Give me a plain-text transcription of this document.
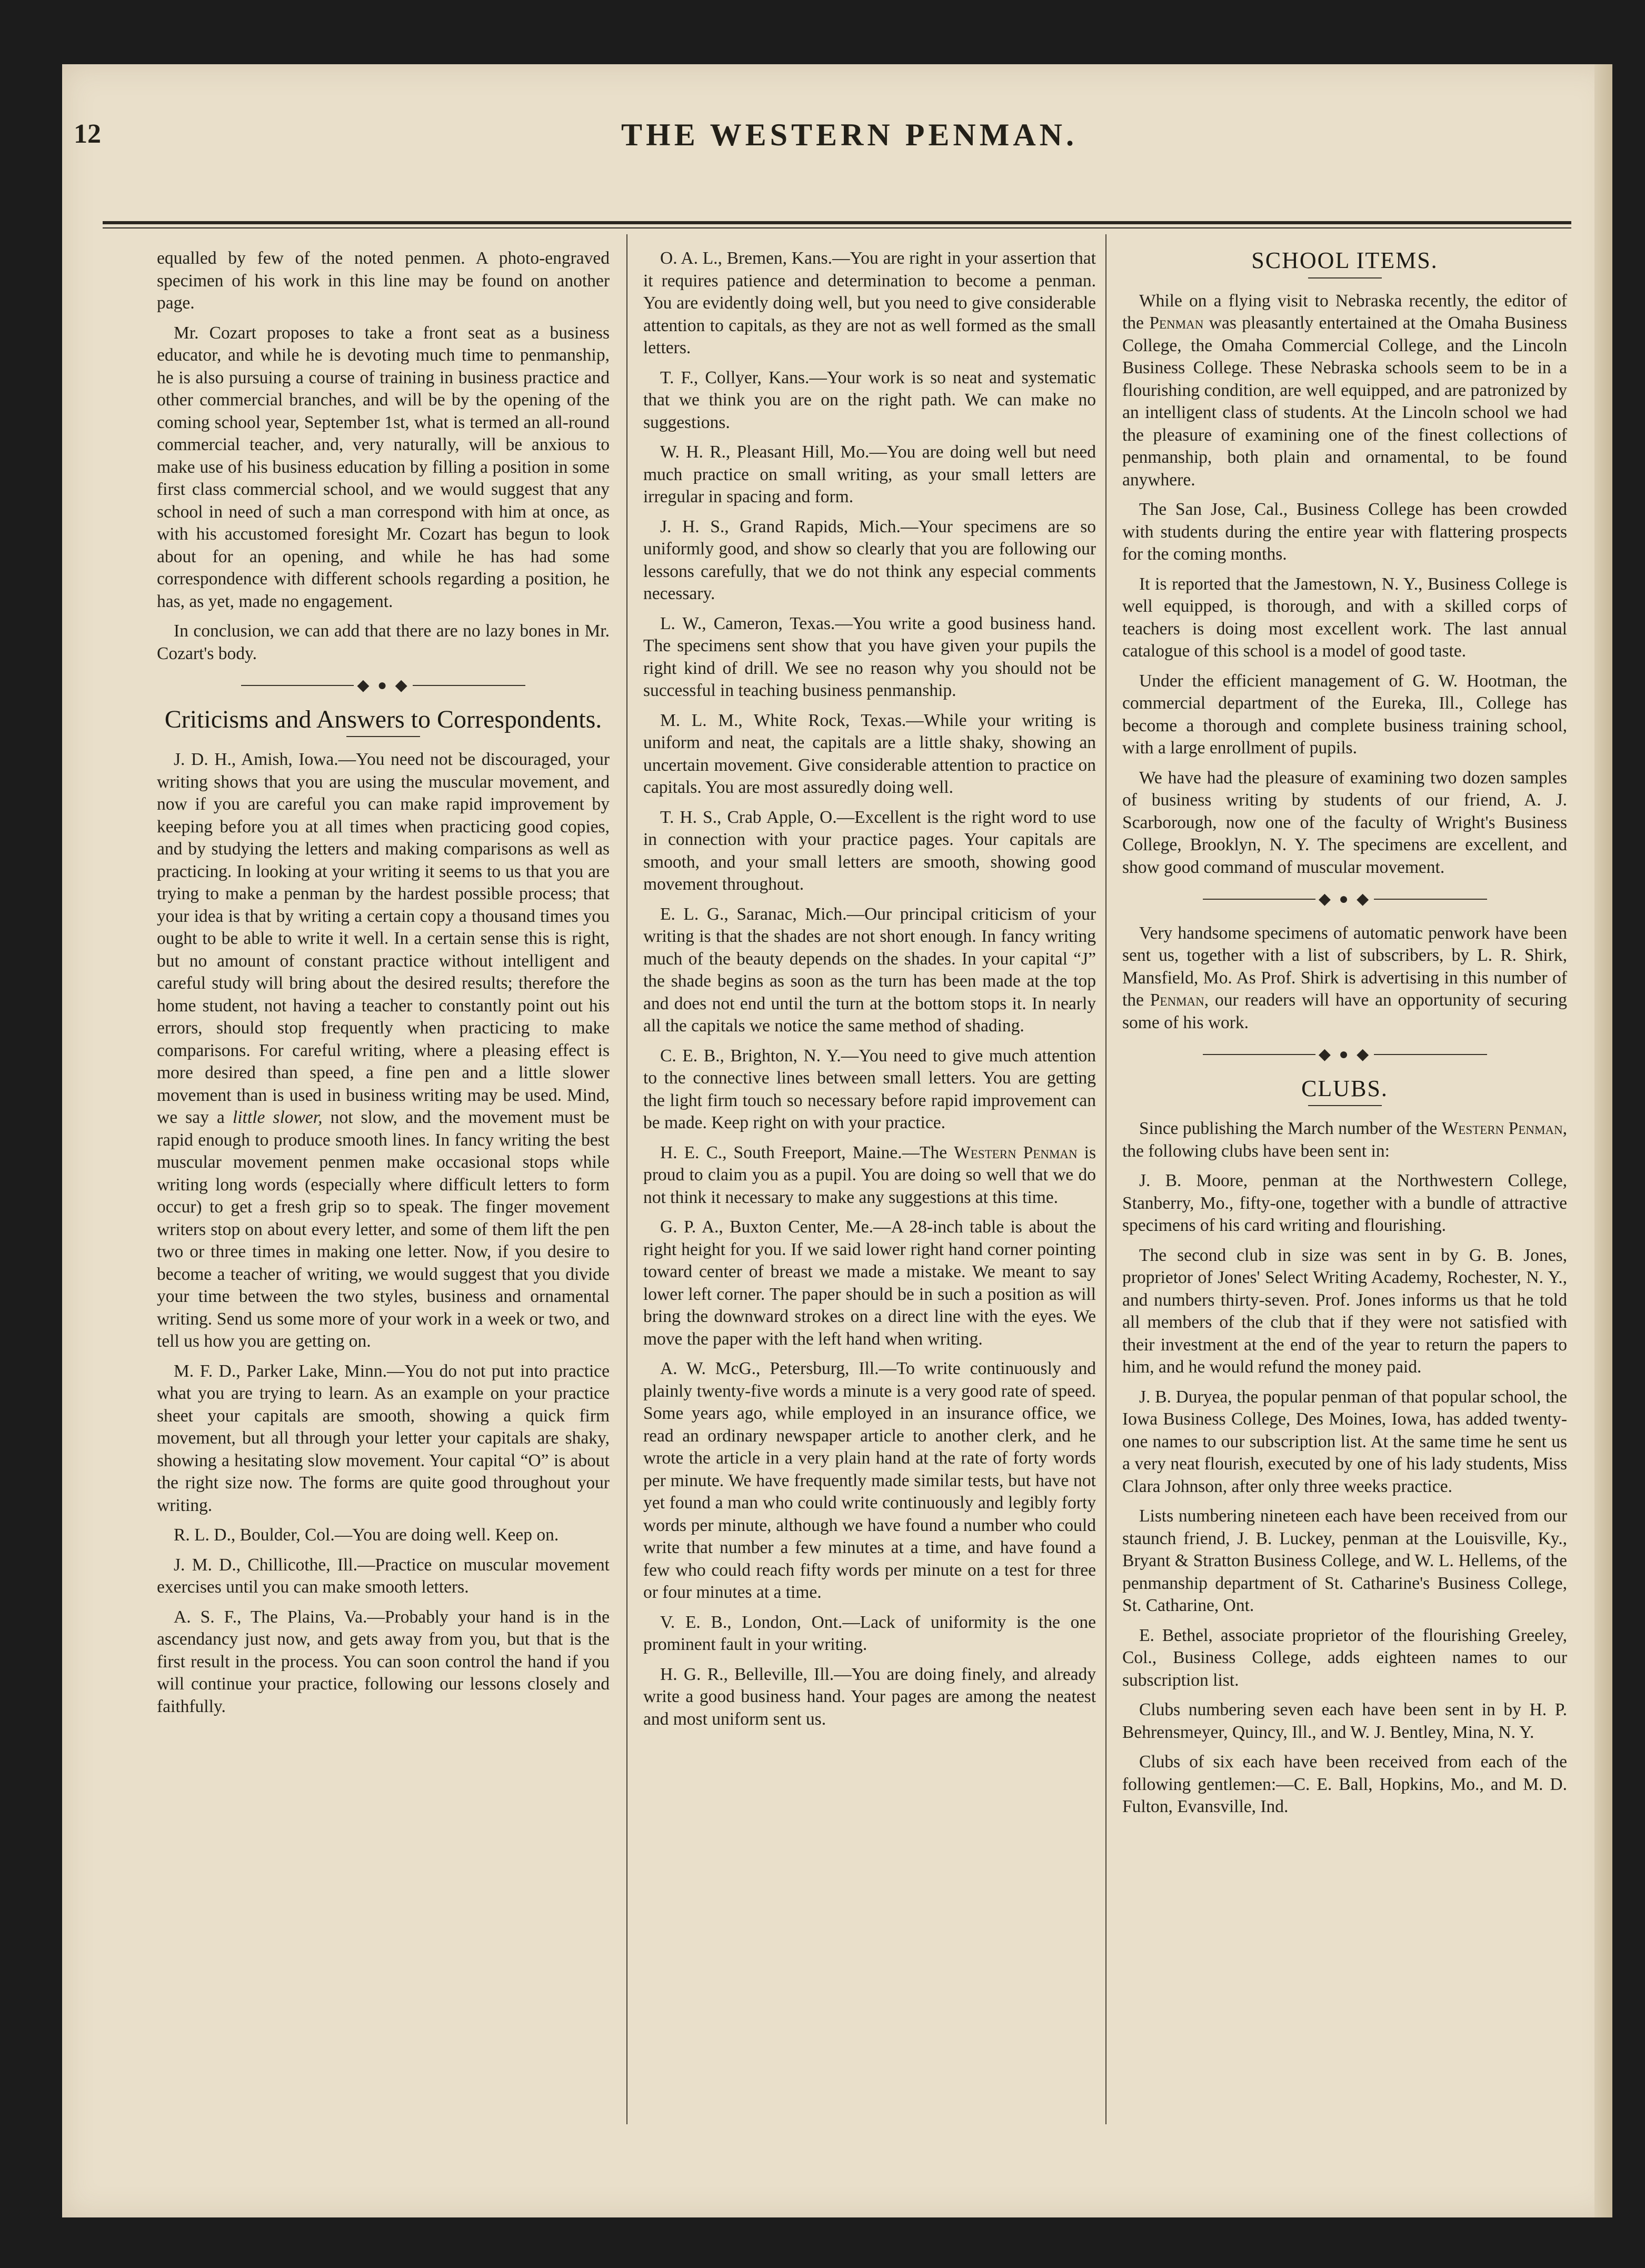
12	THE WESTERN PENMAN.

equalled by few of the noted penmen. A photo-engraved specimen of his work in this line may be found on another page.

Mr. Cozart proposes to take a front seat as a business educator, and while he is devoting much time to penmanship, he is also pursuing a course of training in business practice and other commercial branches, and will be by the opening of the coming school year, September 1st, what is termed an all-round commercial teacher, and, very naturally, will be anxious to make use of his business education by filling a position in some first class commercial school, and we would suggest that any school in need of such a man correspond with him at once, as with his accustomed foresight Mr. Cozart has begun to look about for an opening, and while he has had some correspondence with different schools regarding a position, he has, as yet, made no engagement.

In conclusion, we can add that there are no lazy bones in Mr. Cozart's body.

◆ ● ◆
Criticisms and Answers to Correspondents.

J. D. H., Amish, Iowa.—You need not be discouraged, your writing shows that you are using the muscular movement, and now if you are careful you can make rapid improvement by keeping before you at all times when practicing good copies, and by studying the letters and making comparisons as well as practicing. In looking at your writing it seems to us that you are trying to make a penman by the hardest possible process; that your idea is that by writing a certain copy a thousand times you ought to be able to write it well. In a certain sense this is right, but no amount of constant practice without intelligent and careful study will bring about the desired results; therefore the home student, not having a teacher to constantly point out his errors, should stop frequently when practicing to make comparisons. For careful writing, where a pleasing effect is more desired than speed, a fine pen and a little slower movement than is used in business writing may be used. Mind, we say a little slower, not slow, and the movement must be rapid enough to produce smooth lines. In fancy writing the best muscular movement penmen make occasional stops while writing long words (especially where difficult letters to form occur) to get a fresh grip so to speak. The finger movement writers stop on about every letter, and some of them lift the pen two or three times in making one letter. Now, if you desire to become a teacher of writing, we would suggest that you divide your time between the two styles, business and ornamental writing. Send us some more of your work in a week or two, and tell us how you are getting on.

M. F. D., Parker Lake, Minn.—You do not put into practice what you are trying to learn. As an example on your practice sheet your capitals are smooth, showing a quick firm movement, but all through your letter your capitals are shaky, showing a hesitating slow movement. Your capital “O” is about the right size now. The forms are quite good throughout your writing.

R. L. D., Boulder, Col.—You are doing well. Keep on.

J. M. D., Chillicothe, Ill.—Practice on muscular movement exercises until you can make smooth letters.

A. S. F., The Plains, Va.—Probably your hand is in the ascendancy just now, and gets away from you, but that is the first result in the process. You can soon control the hand if you will continue your practice, following our lessons closely and faithfully.

O. A. L., Bremen, Kans.—You are right in your assertion that it requires patience and determination to become a penman. You are evidently doing well, but you need to give considerable attention to capitals, as they are not as well formed as the small letters.

T. F., Collyer, Kans.—Your work is so neat and systematic that we think you are on the right path. We can make no suggestions.

W. H. R., Pleasant Hill, Mo.—You are doing well but need much practice on small writing, as your small letters are irregular in spacing and form.

J. H. S., Grand Rapids, Mich.—Your specimens are so uniformly good, and show so clearly that you are following our lessons carefully, that we do not think any especial comments necessary.

L. W., Cameron, Texas.—You write a good business hand. The specimens sent show that you have given your pupils the right kind of drill. We see no reason why you should not be successful in teaching business penmanship.

M. L. M., White Rock, Texas.—While your writing is uniform and neat, the capitals are a little shaky, showing an uncertain movement. Give considerable attention to practice on capitals. You are most assuredly doing well.

T. H. S., Crab Apple, O.—Excellent is the right word to use in connection with your practice pages. Your capitals are smooth, and your small letters are smooth, showing good movement throughout.

E. L. G., Saranac, Mich.—Our principal criticism of your writing is that the shades are not short enough. In fancy writing much of the beauty depends on the shades. In your capital “J” the shade begins as soon as the turn has been made at the top and does not end until the turn at the bottom stops it. In nearly all the capitals we notice the same method of shading.

C. E. B., Brighton, N. Y.—You need to give much attention to the connective lines between small letters. You are getting the light firm touch so necessary before rapid improvement can be made. Keep right on with your practice.

H. E. C., South Freeport, Maine.—The Western Penman is proud to claim you as a pupil. You are doing so well that we do not think it necessary to make any suggestions at this time.

G. P. A., Buxton Center, Me.—A 28-inch table is about the right height for you. If we said lower right hand corner pointing toward center of breast we made a mistake. We meant to say lower left corner. The paper should be in such a position as will bring the downward strokes on a direct line with the eyes. We move the paper with the left hand when writing.

A. W. McG., Petersburg, Ill.—To write continuously and plainly twenty-five words a minute is a very good rate of speed. Some years ago, while employed in an insurance office, we read an ordinary newspaper article to another clerk, and he wrote the article in a very plain hand at the rate of forty words per minute. We have frequently made similar tests, but have not yet found a man who could write continuously and legibly forty words per minute, although we have found a number who could write that number a few minutes at a time, and have found a few who could reach fifty words per minute on a test for three or four minutes at a time.

V. E. B., London, Ont.—Lack of uniformity is the one prominent fault in your writing.

H. G. R., Belleville, Ill.—You are doing finely, and already write a good business hand. Your pages are among the neatest and most uniform sent us.

SCHOOL ITEMS.

While on a flying visit to Nebraska recently, the editor of the Penman was pleasantly entertained at the Omaha Business College, the Omaha Commercial College, and the Lincoln Business College. These Nebraska schools seem to be in a flourishing condition, are well equipped, and are patronized by an intelligent class of students. At the Lincoln school we had the pleasure of examining one of the finest collections of penmanship, both plain and ornamental, to be found anywhere.

The San Jose, Cal., Business College has been crowded with students during the entire year with flattering prospects for the coming months.

It is reported that the Jamestown, N. Y., Business College is well equipped, is thorough, and with a skilled corps of teachers is doing most excellent work. The last annual catalogue of this school is a model of good taste.

Under the efficient management of G. W. Hootman, the commercial department of the Eureka, Ill., College has become a thorough and complete business training school, with a large enrollment of pupils.

We have had the pleasure of examining two dozen samples of business writing by students of our friend, A. J. Scarborough, now one of the faculty of Wright's Business College, Brooklyn, N. Y. The specimens are excellent, and show good command of muscular movement.

◆ ● ◆

Very handsome specimens of automatic penwork have been sent us, together with a list of subscribers, by L. R. Shirk, Mansfield, Mo. As Prof. Shirk is advertising in this number of the Penman, our readers will have an opportunity of securing some of his work.

◆ ● ◆
CLUBS.

Since publishing the March number of the Western Penman, the following clubs have been sent in:

J. B. Moore, penman at the Northwestern College, Stanberry, Mo., fifty-one, together with a bundle of attractive specimens of his card writing and flourishing.

The second club in size was sent in by G. B. Jones, proprietor of Jones' Select Writing Academy, Rochester, N. Y., and numbers thirty-seven. Prof. Jones informs us that he told all members of the club that if they were not satisfied with their investment at the end of the year to return the papers to him, and he would refund the money paid.

J. B. Duryea, the popular penman of that popular school, the Iowa Business College, Des Moines, Iowa, has added twenty-one names to our subscription list. At the same time he sent us a very neat flourish, executed by one of his lady students, Miss Clara Johnson, after only three weeks practice.

Lists numbering nineteen each have been received from our staunch friend, J. B. Luckey, penman at the Louisville, Ky., Bryant & Stratton Business College, and W. L. Hellems, of the penmanship department of St. Catharine's Business College, St. Catharine, Ont.

E. Bethel, associate proprietor of the flourishing Greeley, Col., Business College, adds eighteen names to our subscription list.

Clubs numbering seven each have been sent in by H. P. Behrensmeyer, Quincy, Ill., and W. J. Bentley, Mina, N. Y.

Clubs of six each have been received from each of the following gentlemen:—C. E. Ball, Hopkins, Mo., and M. D. Fulton, Evansville, Ind.
